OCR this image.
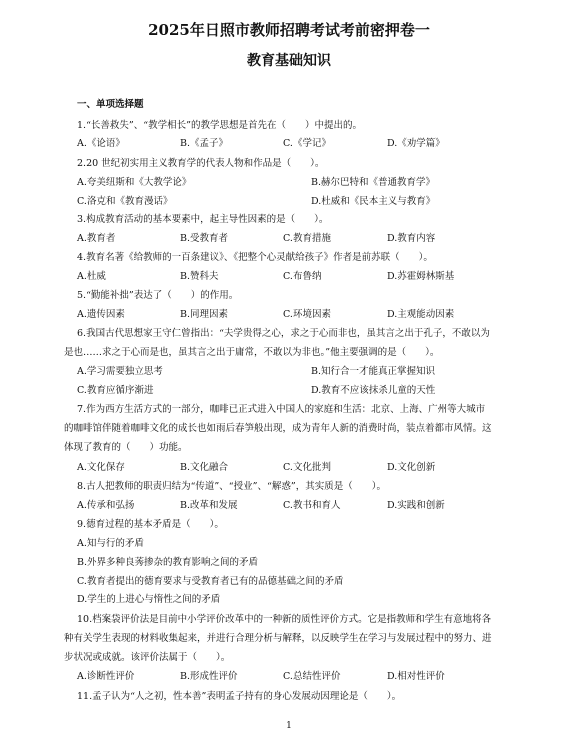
2025年日照市教师招聘考试考前密押卷一
教育基础知识
一、单项选择题
1.“长善救失”、“教学相长”的教学思想是首先在（　　）中提出的。
A.《论语》	B.《孟子》	C.《学记》	D.《劝学篇》
2.20 世纪初实用主义教育学的代表人物和作品是（　　）。
A.夸美纽斯和《大教学论》	B.赫尔巴特和《普通教育学》
C.洛克和《教育漫话》	D.杜威和《民本主义与教育》
3.构成教育活动的基本要素中，起主导性因素的是（　　）。
A.教育者	B.受教育者	C.教育措施	D.教育内容
4.教育名著《给教师的一百条建议》、《把整个心灵献给孩子》作者是前苏联（　　）。
A.杜威	B.赞科夫	C.布鲁纳	D.苏霍姆林斯基
5.“勤能补拙”表达了（　　）的作用。
A.遗传因素	B.同理因素	C.环境因素	D.主观能动因素
6.我国古代思想家王守仁曾指出：“夫学贵得之心，求之于心而非也，虽其言之出于孔子，不敢以为
是也……求之于心而是也，虽其言之出于庸常，不敢以为非也。”他主要强调的是（　　）。
A.学习需要独立思考	B.知行合一才能真正掌握知识
C.教育应循序渐进	D.教育不应该抹杀儿童的天性
7.作为西方生活方式的一部分，咖啡已正式进入中国人的家庭和生活：北京、上海、广州等大城市
的咖啡馆伴随着咖啡文化的成长也如雨后春笋般出现，成为青年人新的消费时尚，装点着都市风情。这
体现了教育的（　　）功能。
A.文化保存	B.文化融合	C.文化批判	D.文化创新
8.古人把教师的职责归结为“传道”、“授业”、“解惑”，其实质是（　　）。
A.传承和弘扬	B.改革和发展	C.教书和育人	D.实践和创新
9.德育过程的基本矛盾是（　　）。
A.知与行的矛盾
B.外界多种良莠掺杂的教育影响之间的矛盾
C.教育者提出的德育要求与受教育者已有的品德基础之间的矛盾
D.学生的上进心与惰性之间的矛盾
10.档案袋评价法是目前中小学评价改革中的一种新的质性评价方式。它是指教师和学生有意地将各
种有关学生表现的材料收集起来，并进行合理分析与解释，以反映学生在学习与发展过程中的努力、进
步状况或成就。该评价法属于（　　）。
A.诊断性评价	B.形成性评价	C.总结性评价	D.相对性评价
11.孟子认为“人之初，性本善”表明孟子持有的身心发展动因理论是（　　）。
1
